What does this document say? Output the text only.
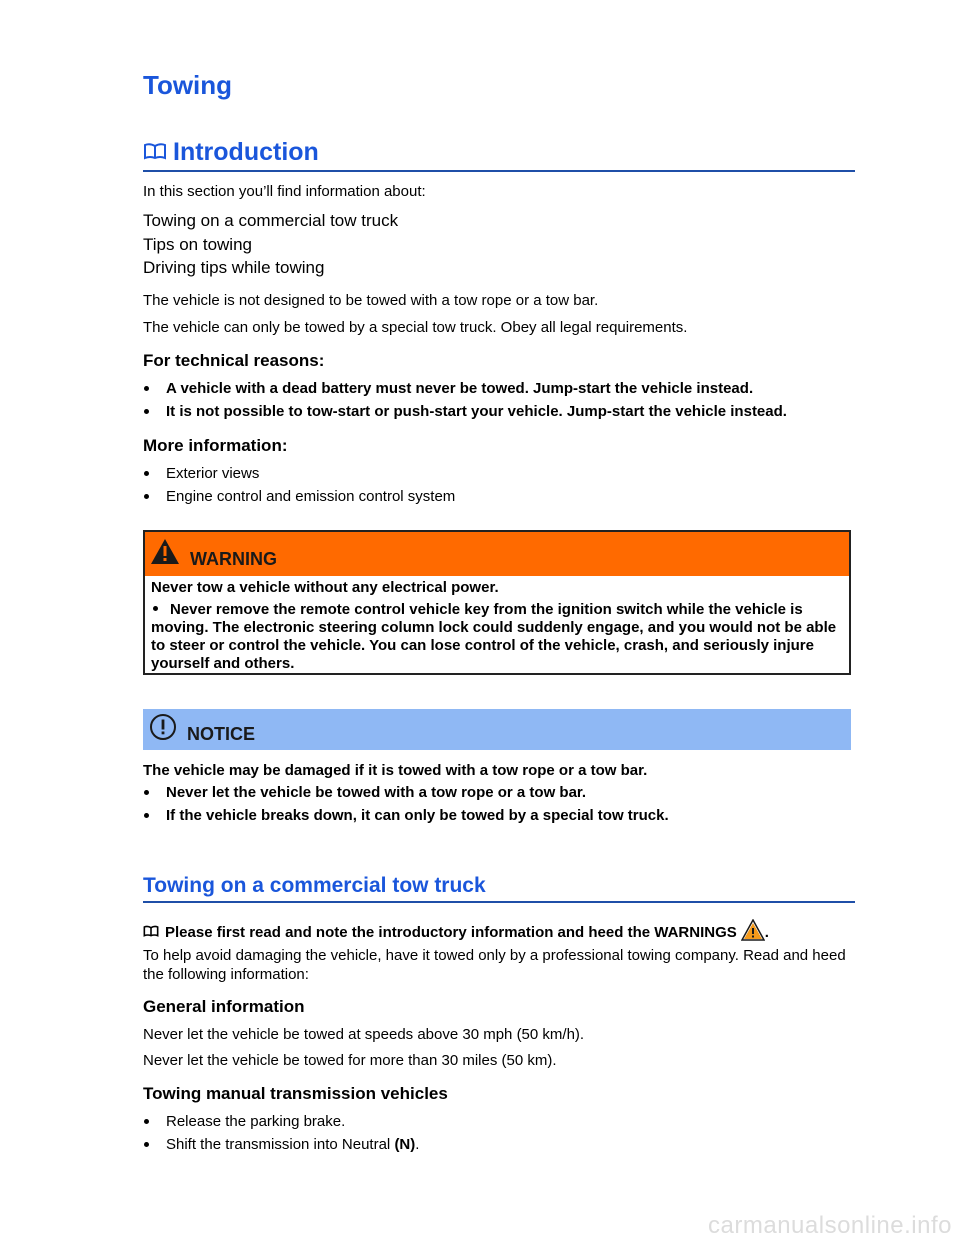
Towing
Introduction

In this section you’ll find information about:

Towing on a commercial tow truck
Tips on towing
Driving tips while towing

The vehicle is not designed to be towed with a tow rope or a tow bar.

The vehicle can only be towed by a special tow truck. Obey all legal requirements.

For technical reasons:
A vehicle with a dead battery must never be towed. Jump-start the vehicle instead.
It is not possible to tow-start or push-start your vehicle. Jump-start the vehicle instead.
More information:
Exterior views
Engine control and emission control system
WARNING

Never tow a vehicle without any electrical power.

Never remove the remote control vehicle key from the ignition switch while the vehicle is moving. The electronic steering column lock could suddenly engage, and you would not be able to steer or control the vehicle. You can lose control of the vehicle, crash, and seriously injure yourself and others.

NOTICE

The vehicle may be damaged if it is towed with a tow rope or a tow bar.

Never let the vehicle be towed with a tow rope or a tow bar.
If the vehicle breaks down, it can only be towed by a special tow truck.
Towing on a commercial tow truck
Please first read and note the introductory information and heed the WARNINGS .

To help avoid damaging the vehicle, have it towed only by a professional towing company. Read and heed the following information:

General information

Never let the vehicle be towed at speeds above 30 mph (50 km/h).

Never let the vehicle be towed for more than 30 miles (50 km).

Towing manual transmission vehicles
Release the parking brake.
Shift the transmission into Neutral (N).
carmanualsonline.info
